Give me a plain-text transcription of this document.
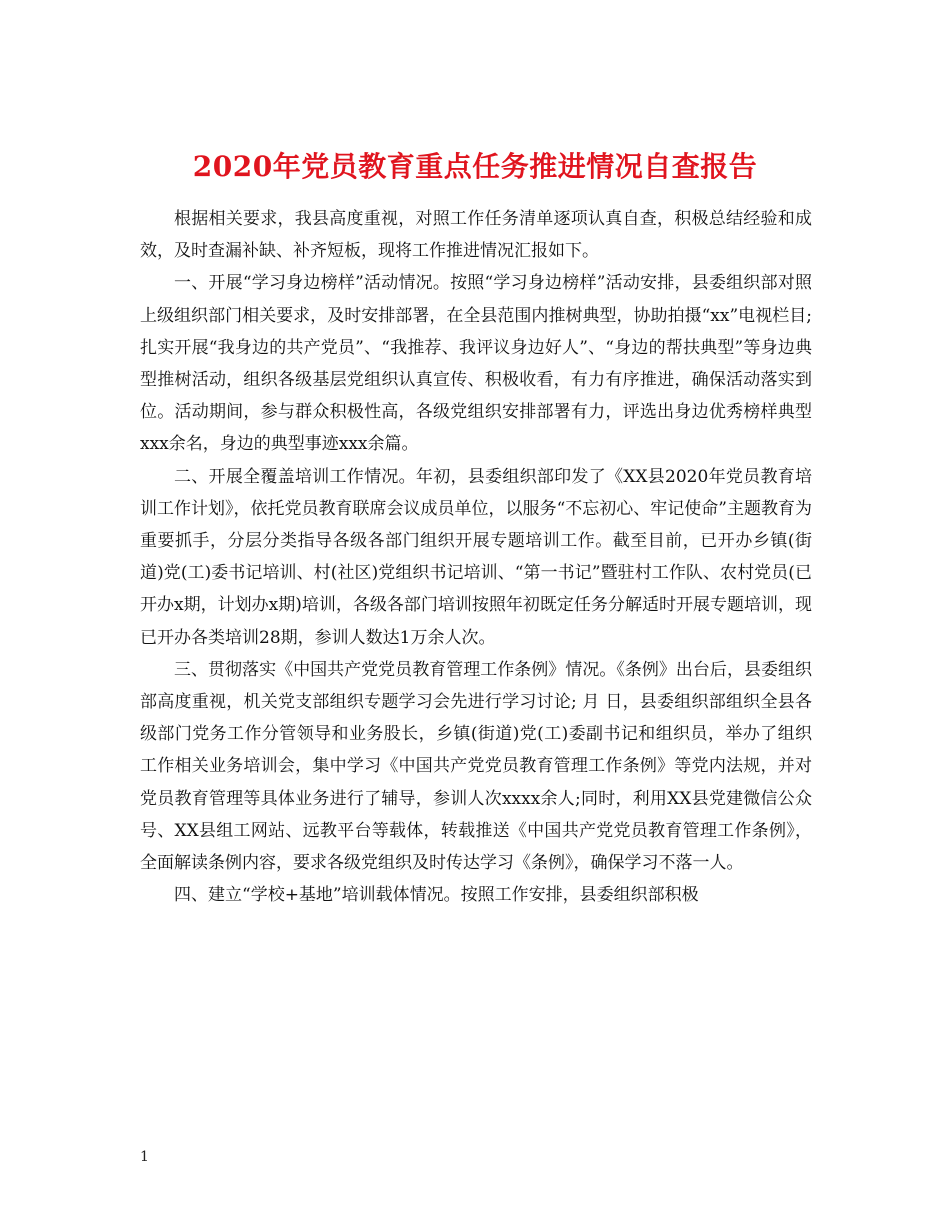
2020年党员教育重点任务推进情况自查报告

根据相关要求，我县高度重视，对照工作任务清单逐项认真自查，积极总结经验和成效，及时查漏补缺、补齐短板，现将工作推进情况汇报如下。

一、开展“学习身边榜样”活动情况。按照“学习身边榜样”活动安排，县委组织部对照上级组织部门相关要求，及时安排部署，在全县范围内推树典型，协助拍摄“xx”电视栏目;扎实开展“我身边的共产党员”、“我推荐、我评议身边好人”、“身边的帮扶典型”等身边典型推树活动，组织各级基层党组织认真宣传、积极收看，有力有序推进，确保活动落实到位。活动期间，参与群众积极性高，各级党组织安排部署有力，评选出身边优秀榜样典型xxx余名，身边的典型事迹xxx余篇。

二、开展全覆盖培训工作情况。年初，县委组织部印发了《XX县2020年党员教育培训工作计划》，依托党员教育联席会议成员单位，以服务“不忘初心、牢记使命”主题教育为重要抓手，分层分类指导各级各部门组织开展专题培训工作。截至目前，已开办乡镇(街道)党(工)委书记培训、村(社区)党组织书记培训、“第一书记”暨驻村工作队、农村党员(已开办x期，计划办x期)培训，各级各部门培训按照年初既定任务分解适时开展专题培训，现已开办各类培训28期，参训人数达1万余人次。

三、贯彻落实《中国共产党党员教育管理工作条例》情况。《条例》出台后，县委组织部高度重视，机关党支部组织专题学习会先进行学习讨论; 月 日，县委组织部组织全县各级部门党务工作分管领导和业务股长，乡镇(街道)党(工)委副书记和组织员，举办了组织工作相关业务培训会，集中学习《中国共产党党员教育管理工作条例》等党内法规，并对党员教育管理等具体业务进行了辅导，参训人次xxxx余人;同时，利用XX县党建微信公众号、XX县组工网站、远教平台等载体，转载推送《中国共产党党员教育管理工作条例》，全面解读条例内容，要求各级党组织及时传达学习《条例》，确保学习不落一人。

四、建立“学校+基地”培训载体情况。按照工作安排，县委组织部积极

1
